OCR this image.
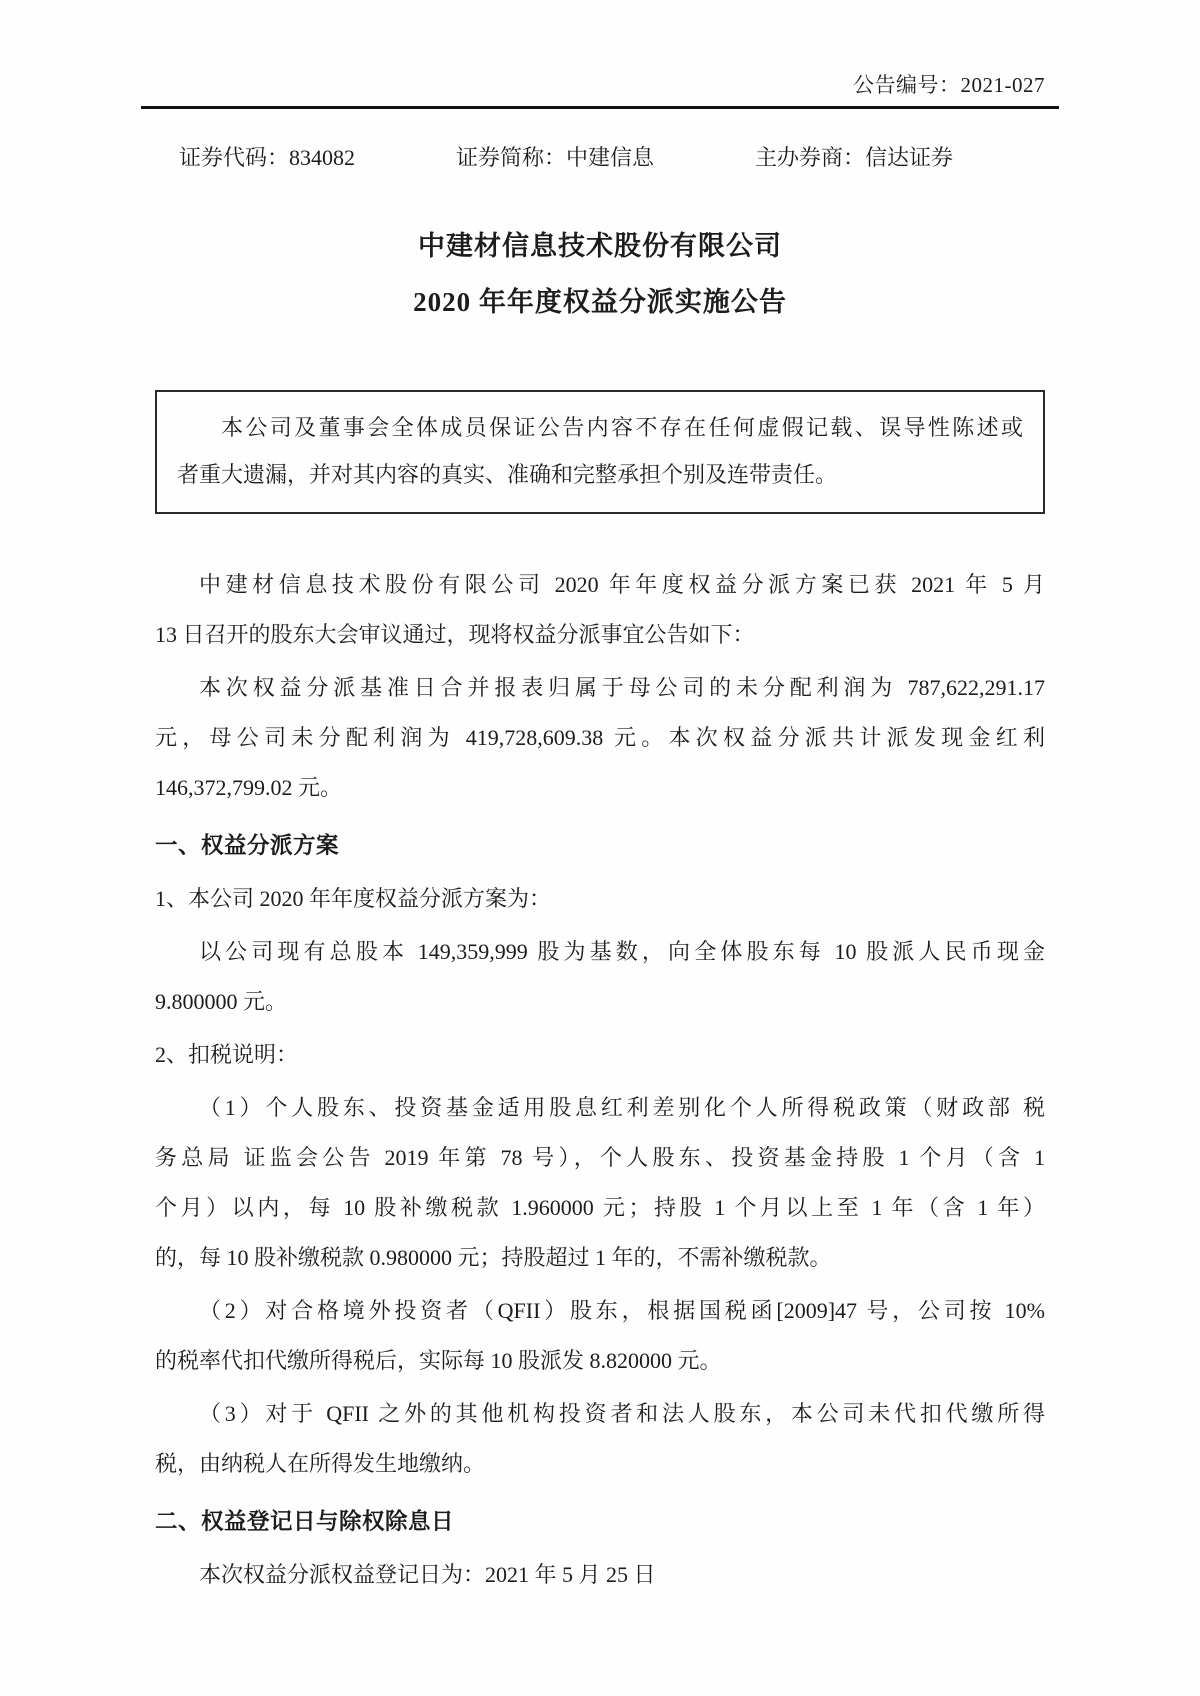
公告编号：2021-027
证券代码：834082	证券简称：中建信息	主办券商：信达证券
中建材信息技术股份有限公司
2020 年年度权益分派实施公告
本公司及董事会全体成员保证公告内容不存在任何虚假记载、误导性陈述或
者重大遗漏，并对其内容的真实、准确和完整承担个别及连带责任。
中建材信息技术股份有限公司 2020 年年度权益分派方案已获 2021 年 5 月
13 日召开的股东大会审议通过，现将权益分派事宜公告如下：
本次权益分派基准日合并报表归属于母公司的未分配利润为 787,622,291.17
元，母公司未分配利润为 419,728,609.38 元。本次权益分派共计派发现金红利
146,372,799.02 元。
一、权益分派方案
1、本公司 2020 年年度权益分派方案为：
以公司现有总股本 149,359,999 股为基数，向全体股东每 10 股派人民币现金
9.800000 元。
2、扣税说明：
（1）个人股东、投资基金适用股息红利差别化个人所得税政策（财政部 税
务总局 证监会公告 2019 年第 78 号），个人股东、投资基金持股 1 个月（含 1
个月）以内，每 10 股补缴税款 1.960000 元；持股 1 个月以上至 1 年（含 1 年）
的，每 10 股补缴税款 0.980000 元；持股超过 1 年的，不需补缴税款。
（2）对合格境外投资者（QFII）股东，根据国税函[2009]47 号，公司按 10%
的税率代扣代缴所得税后，实际每 10 股派发 8.820000 元。
（3）对于 QFII 之外的其他机构投资者和法人股东，本公司未代扣代缴所得
税，由纳税人在所得发生地缴纳。
二、权益登记日与除权除息日
本次权益分派权益登记日为：2021 年 5 月 25 日
